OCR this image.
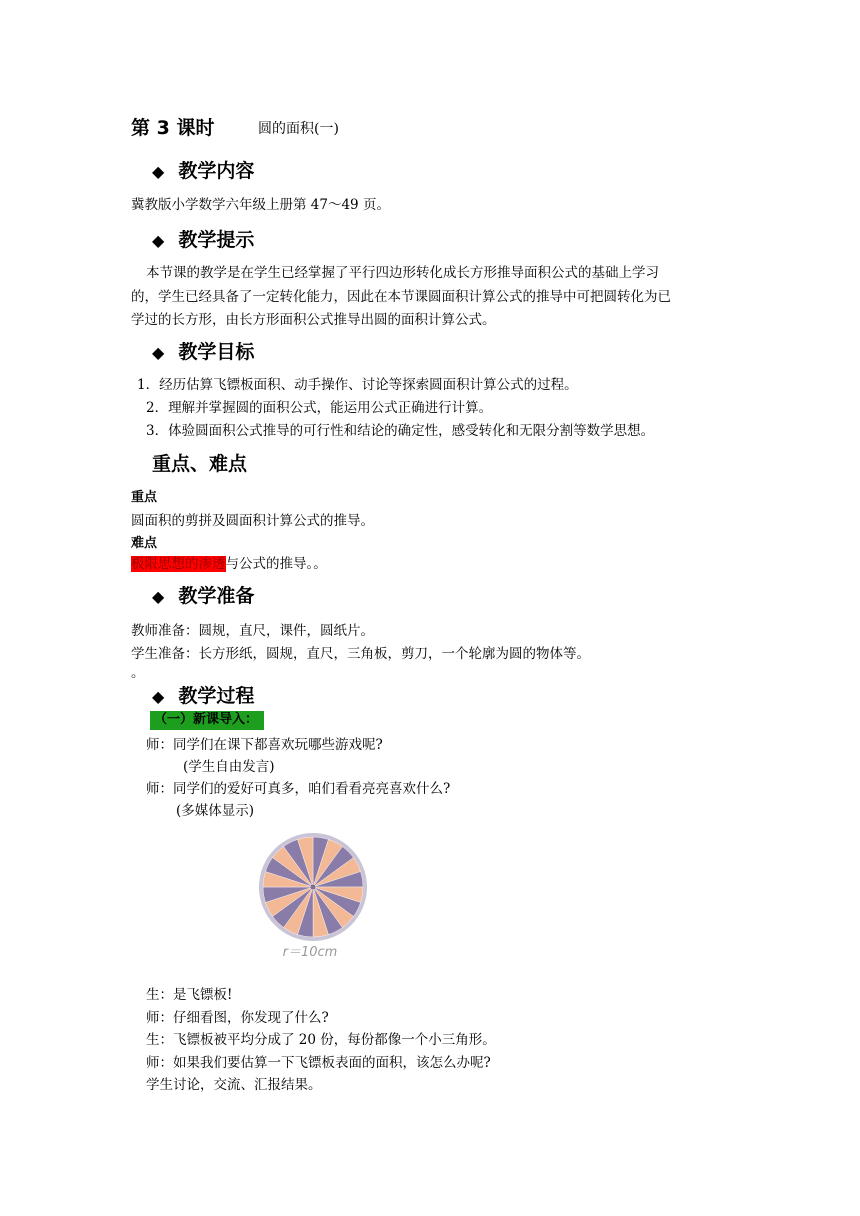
第 3 课时	圆的面积(一)
◆ 教学内容
冀教版小学数学六年级上册第 47～49 页。
◆ 教学提示
本节课的教学是在学生已经掌握了平行四边形转化成长方形推导面积公式的基础上学习
的，学生已经具备了一定转化能力，因此在本节课圆面积计算公式的推导中可把圆转化为已
学过的长方形，由长方形面积公式推导出圆的面积计算公式。
◆ 教学目标
1．经历估算飞镖板面积、动手操作、讨论等探索圆面积计算公式的过程。
2．理解并掌握圆的面积公式，能运用公式正确进行计算。
3．体验圆面积公式推导的可行性和结论的确定性，感受转化和无限分割等数学思想。
重点、难点
重点
圆面积的剪拼及圆面积计算公式的推导。
难点
极限思想的渗透与公式的推导。。
◆ 教学准备
教师准备：圆规，直尺，课件，圆纸片。
学生准备：长方形纸，圆规，直尺，三角板，剪刀，一个轮廓为圆的物体等。
。
◆ 教学过程
（一）新课导入：
师：同学们在课下都喜欢玩哪些游戏呢?
(学生自由发言)
师：同学们的爱好可真多，咱们看看亮亮喜欢什么?
(多媒体显示)
r＝10cm
生：是飞镖板!
师：仔细看图，你发现了什么?
生：飞镖板被平均分成了 20 份，每份都像一个小三角形。
师：如果我们要估算一下飞镖板表面的面积，该怎么办呢?
学生讨论，交流、汇报结果。
